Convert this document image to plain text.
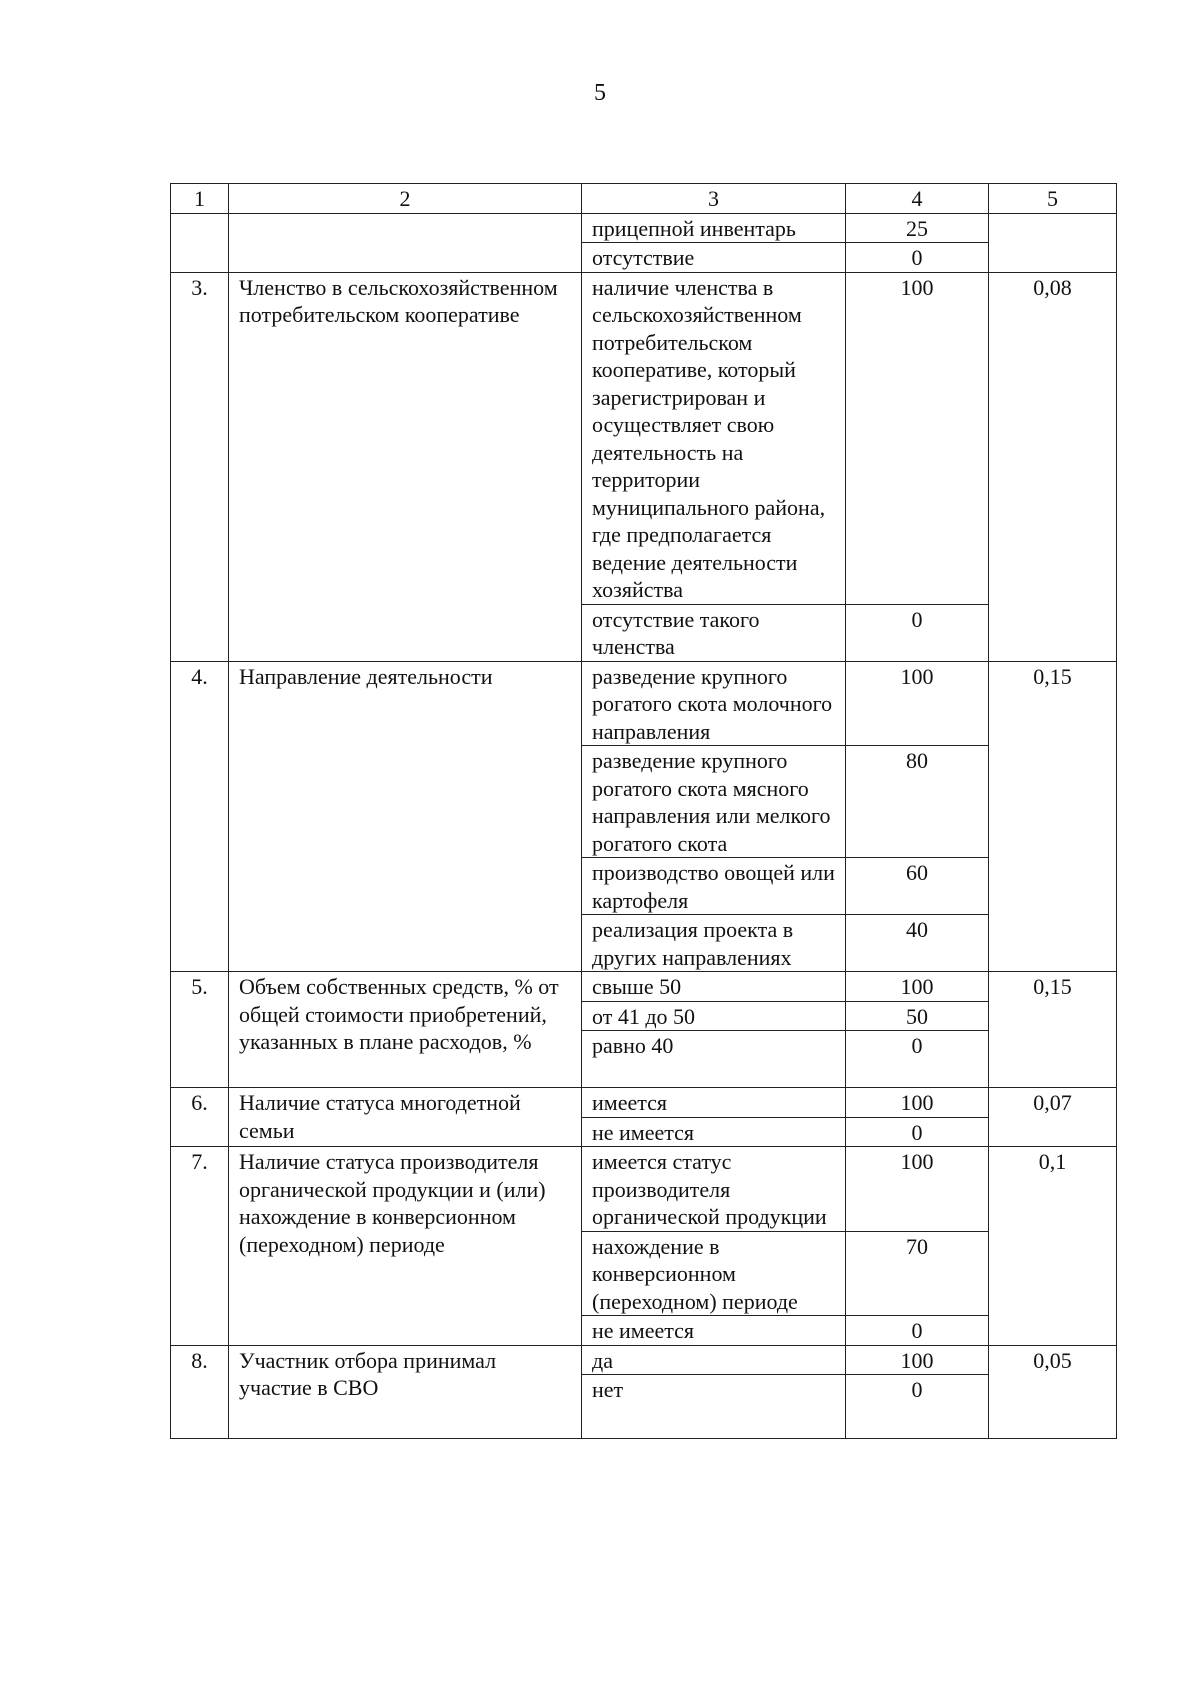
5
1	2	3	4	5
		прицепной инвентарь	25	
		отсутствие	0	
3.	Членство в сельскохозяйственном потребительском кооперативе	наличие членства в сельскохозяйственном потребительском кооперативе, который зарегистрирован и осуществляет свою деятельность на территории муниципального района, где предполагается ведение деятельности хозяйства	100	0,08
		отсутствие такого членства	0	
4.	Направление деятельности	разведение крупного рогатого скота молочного направления	100	0,15
		разведение крупного рогатого скота мясного направления или мелкого рогатого скота	80	
		производство овощей или картофеля	60	
		реализация проекта в других направлениях	40	
5.	Объем собственных средств, % от общей стоимости приобретений, указанных в плане расходов, %	свыше 50	100	0,15
		от 41 до 50	50	
		равно 40	0	
6.	Наличие статуса многодетной семьи	имеется	100	0,07
		не имеется	0	
7.	Наличие статуса производителя органической продукции и (или) нахождение в конверсионном (переходном) периоде	имеется статус производителя органической продукции	100	0,1
		нахождение в конверсионном (переходном) периоде	70	
		не имеется	0	
8.	Участник отбора принимал участие в СВО	да	100	0,05
		нет	0	
